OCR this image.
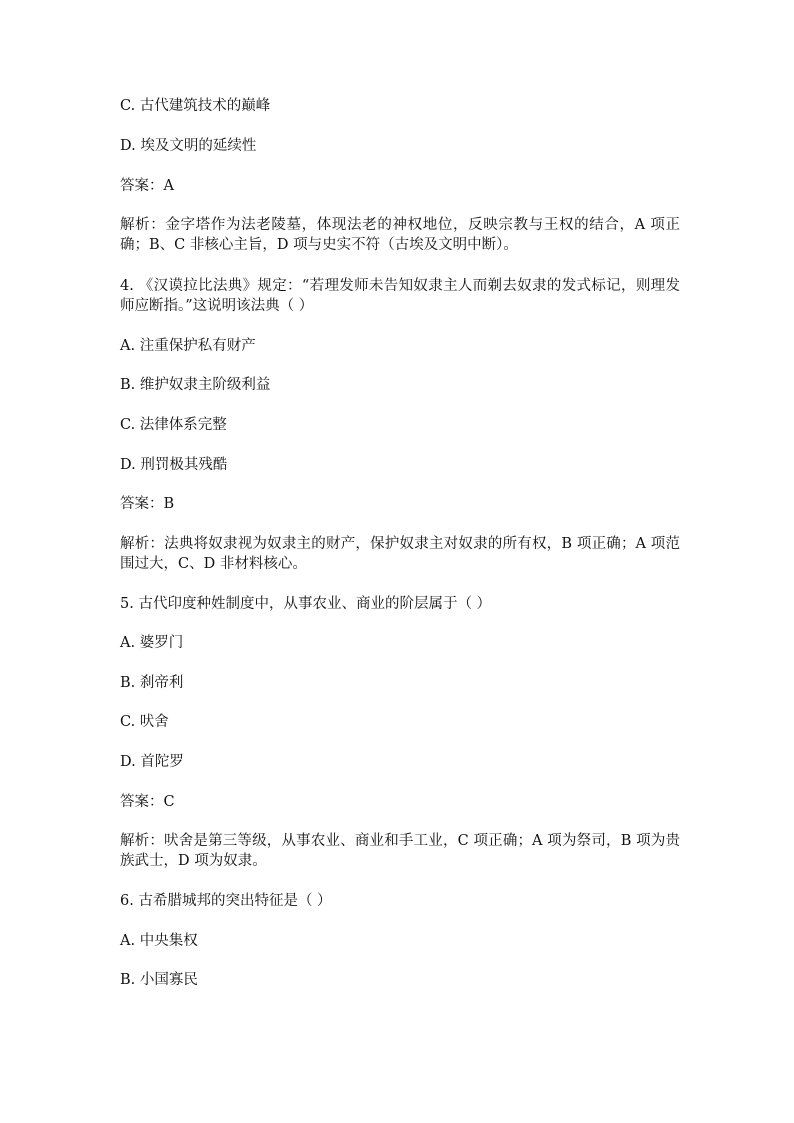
C. 古代建筑技术的巅峰
D. 埃及文明的延续性
答案：A
解析：金字塔作为法老陵墓，体现法老的神权地位，反映宗教与王权的结合，A 项正确；B、C 非核心主旨，D 项与史实不符（古埃及文明中断）。
4. 《汉谟拉比法典》规定：“若理发师未告知奴隶主人而剃去奴隶的发式标记，则理发师应断指。”这说明该法典（ ）
A. 注重保护私有财产
B. 维护奴隶主阶级利益
C. 法律体系完整
D. 刑罚极其残酷
答案：B
解析：法典将奴隶视为奴隶主的财产，保护奴隶主对奴隶的所有权，B 项正确；A 项范围过大，C、D 非材料核心。
5. 古代印度种姓制度中，从事农业、商业的阶层属于（ ）
A. 婆罗门
B. 刹帝利
C. 吠舍
D. 首陀罗
答案：C
解析：吠舍是第三等级，从事农业、商业和手工业，C 项正确；A 项为祭司，B 项为贵族武士，D 项为奴隶。
6. 古希腊城邦的突出特征是（ ）
A. 中央集权
B. 小国寡民
